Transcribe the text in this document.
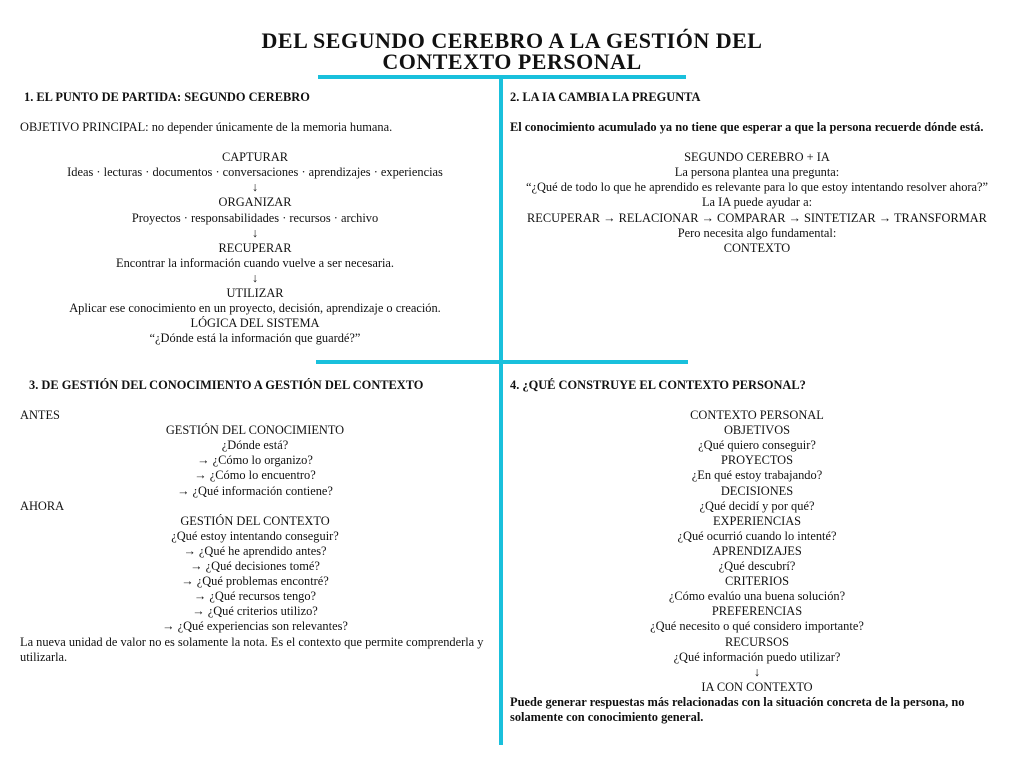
DEL SEGUNDO CEREBRO A LA GESTIÓN DEL
CONTEXTO PERSONAL
1. EL PUNTO DE PARTIDA: SEGUNDO CEREBRO
OBJETIVO PRINCIPAL: no depender únicamente de la memoria humana.
CAPTURAR
Ideas · lecturas · documentos · conversaciones · aprendizajes · experiencias
↓
ORGANIZAR
Proyectos · responsabilidades · recursos · archivo
↓
RECUPERAR
Encontrar la información cuando vuelve a ser necesaria.
↓
UTILIZAR
Aplicar ese conocimiento en un proyecto, decisión, aprendizaje o creación.
LÓGICA DEL SISTEMA
“¿Dónde está la información que guardé?”
2. LA IA CAMBIA LA PREGUNTA
El conocimiento acumulado ya no tiene que esperar a que la persona recuerde dónde está.
SEGUNDO CEREBRO + IA
La persona plantea una pregunta:
“¿Qué de todo lo que he aprendido es relevante para lo que estoy intentando resolver ahora?”
La IA puede ayudar a:
RECUPERAR → RELACIONAR → COMPARAR → SINTETIZAR → TRANSFORMAR
Pero necesita algo fundamental:
CONTEXTO
3. DE GESTIÓN DEL CONOCIMIENTO A GESTIÓN DEL CONTEXTO
ANTES
GESTIÓN DEL CONOCIMIENTO
¿Dónde está?
→ ¿Cómo lo organizo?
→ ¿Cómo lo encuentro?
→ ¿Qué información contiene?
AHORA
GESTIÓN DEL CONTEXTO
¿Qué estoy intentando conseguir?
→ ¿Qué he aprendido antes?
→ ¿Qué decisiones tomé?
→ ¿Qué problemas encontré?
→ ¿Qué recursos tengo?
→ ¿Qué criterios utilizo?
→ ¿Qué experiencias son relevantes?
La nueva unidad de valor no es solamente la nota. Es el contexto que permite comprenderla y utilizarla.
4. ¿QUÉ CONSTRUYE EL CONTEXTO PERSONAL?
CONTEXTO PERSONAL
OBJETIVOS
¿Qué quiero conseguir?
PROYECTOS
¿En qué estoy trabajando?
DECISIONES
¿Qué decidí y por qué?
EXPERIENCIAS
¿Qué ocurrió cuando lo intenté?
APRENDIZAJES
¿Qué descubrí?
CRITERIOS
¿Cómo evalúo una buena solución?
PREFERENCIAS
¿Qué necesito o qué considero importante?
RECURSOS
¿Qué información puedo utilizar?
↓
IA CON CONTEXTO
Puede generar respuestas más relacionadas con la situación concreta de la persona, no solamente con conocimiento general.
